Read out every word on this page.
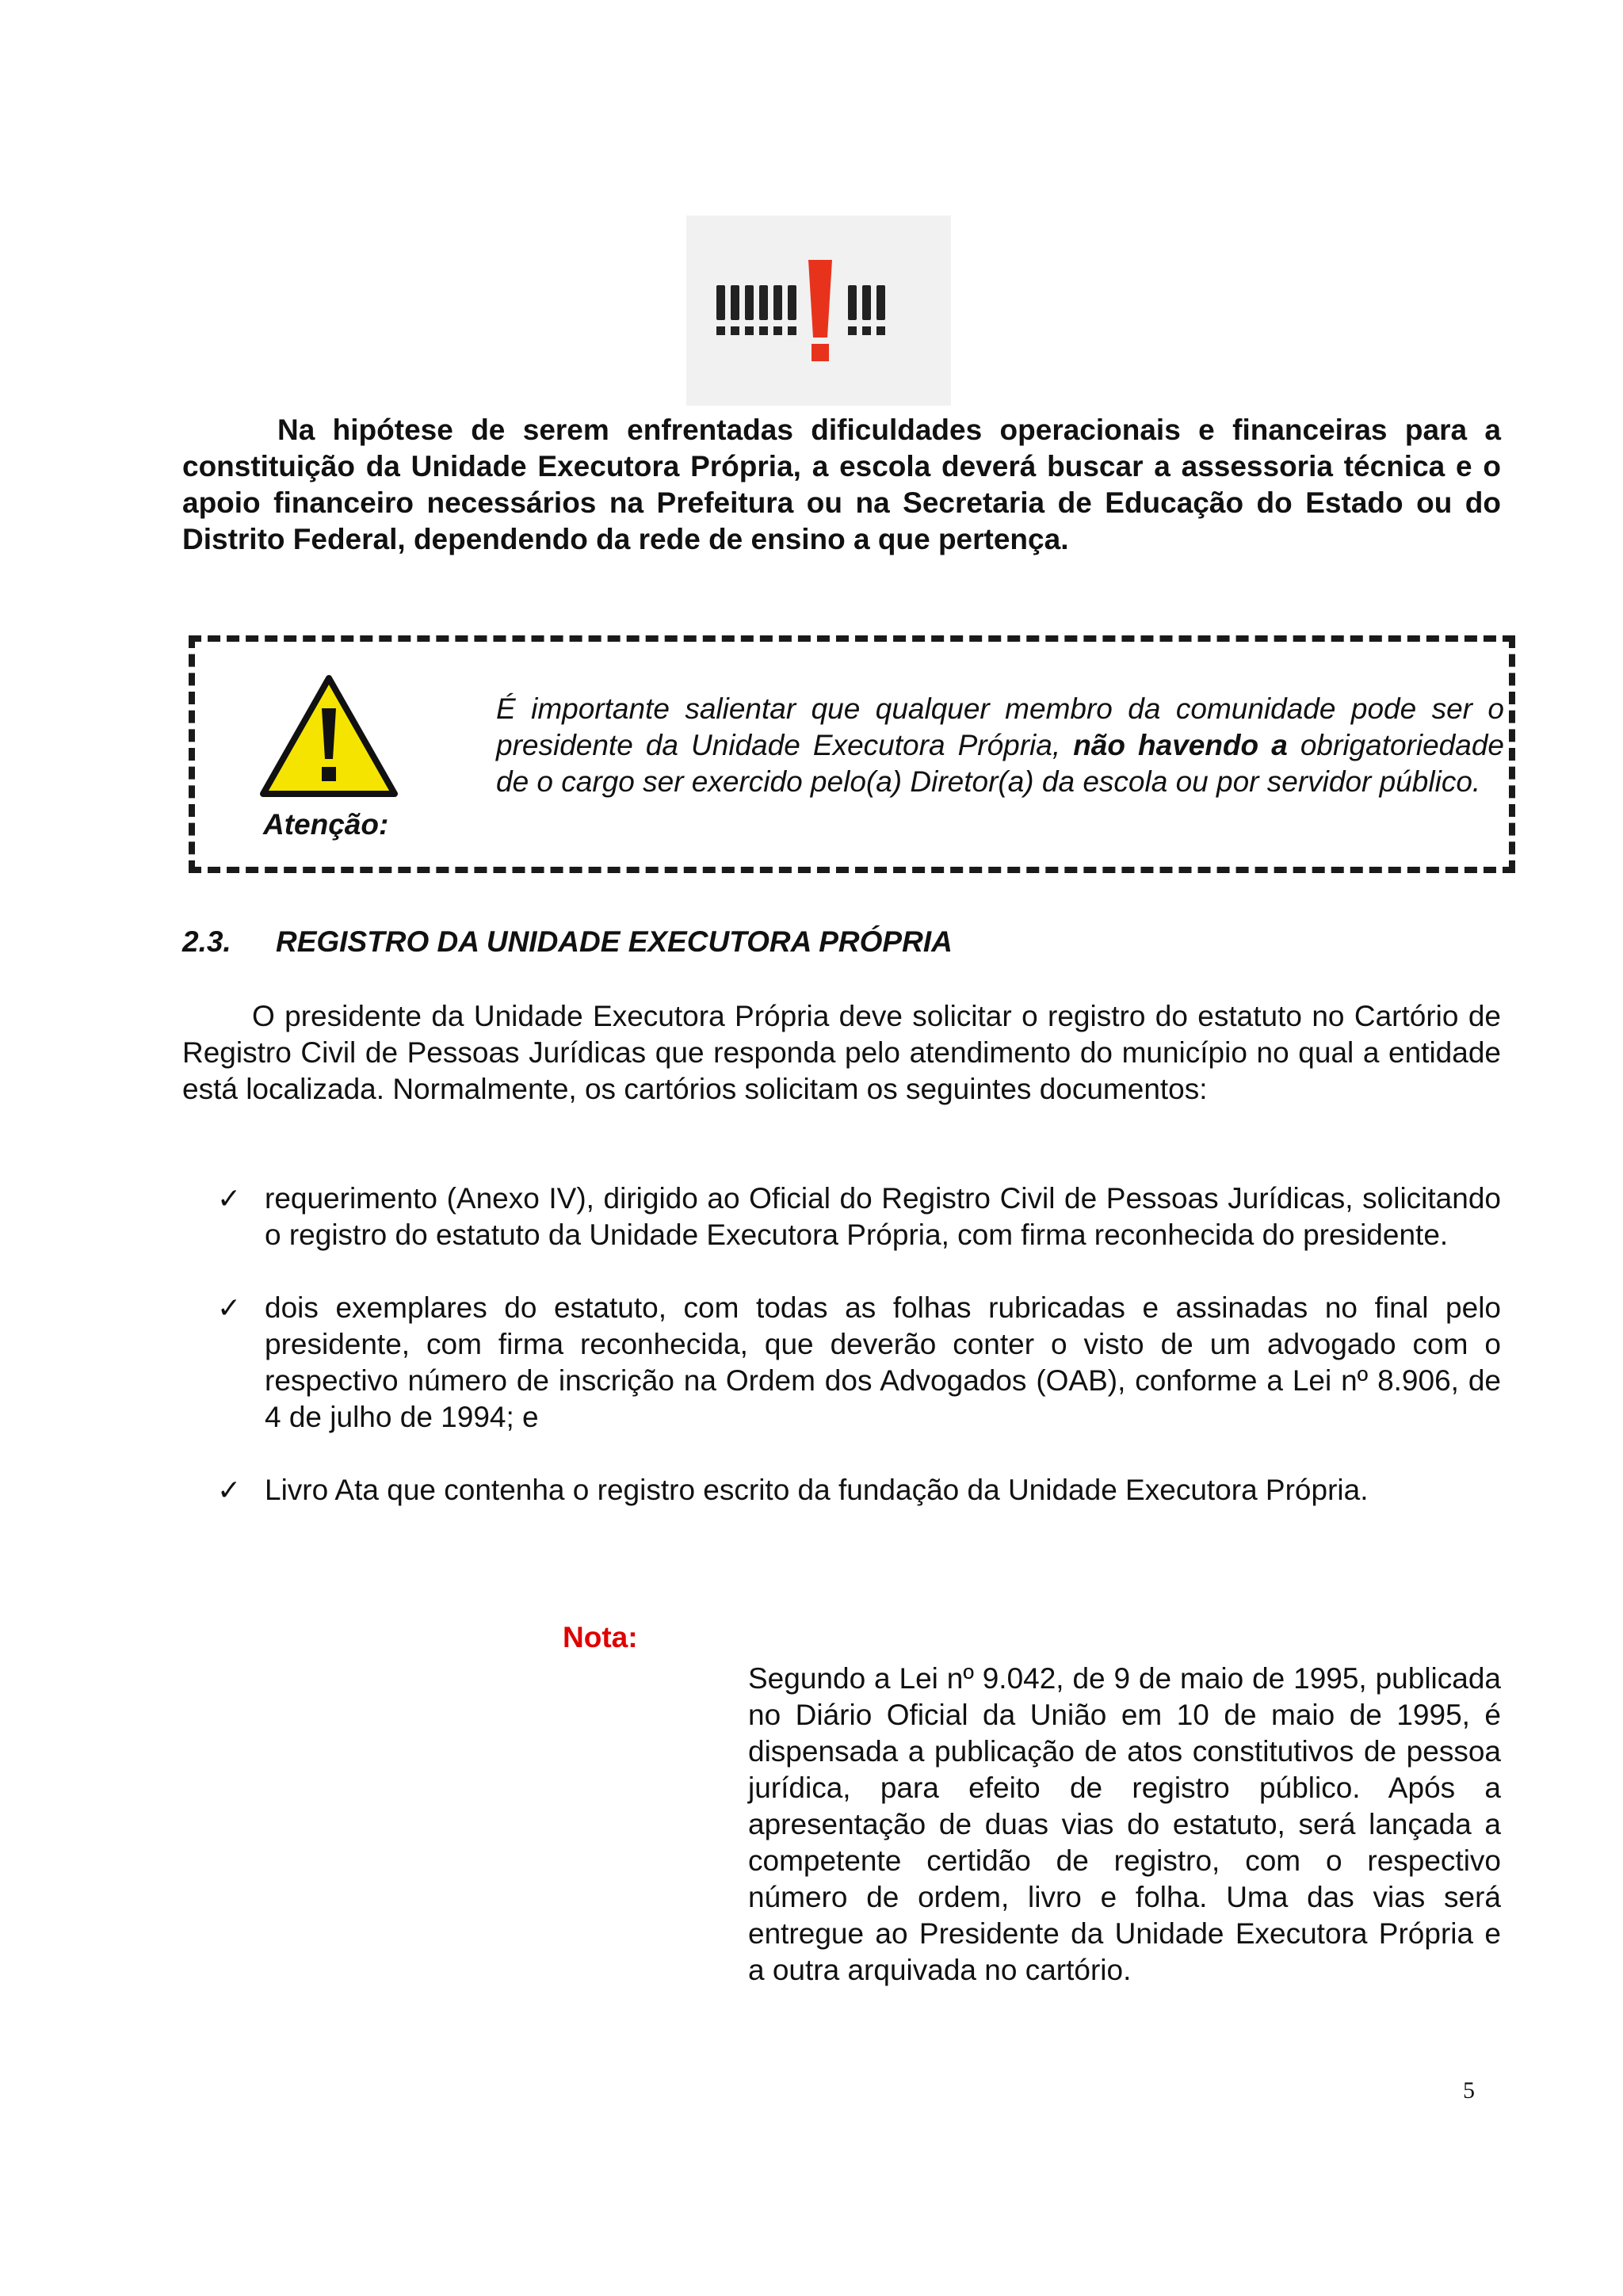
Na hipótese de serem enfrentadas dificuldades operacionais e financeiras para a constituição da Unidade Executora Própria, a escola deverá buscar a assessoria técnica e o apoio financeiro necessários na Prefeitura ou na Secretaria de Educação do Estado ou do Distrito Federal, dependendo da rede de ensino a que pertença.

Atenção:

É importante salientar que qualquer membro da comunidade pode ser o presidente da Unidade Executora Própria, não havendo a obrigatoriedade de o cargo ser exercido pelo(a) Diretor(a) da escola ou por servidor público.

2.3. REGISTRO DA UNIDADE EXECUTORA PRÓPRIA

O presidente da Unidade Executora Própria deve solicitar o registro do estatuto no Cartório de Registro Civil de Pessoas Jurídicas que responda pelo atendimento do município no qual a entidade está localizada. Normalmente, os cartórios solicitam os seguintes documentos:

✓ requerimento (Anexo IV), dirigido ao Oficial do Registro Civil de Pessoas Jurídicas, solicitando o registro do estatuto da Unidade Executora Própria, com firma reconhecida do presidente.
✓ dois exemplares do estatuto, com todas as folhas rubricadas e assinadas no final pelo presidente, com firma reconhecida, que deverão conter o visto de um advogado com o respectivo número de inscrição na Ordem dos Advogados (OAB), conforme a Lei nº 8.906, de 4 de julho de 1994; e
✓ Livro Ata que contenha o registro escrito da fundação da Unidade Executora Própria.
Nota:

Segundo a Lei nº 9.042, de 9 de maio de 1995, publicada no Diário Oficial da União em 10 de maio de 1995, é dispensada a publicação de atos constitutivos de pessoa jurídica, para efeito de registro público. Após a apresentação de duas vias do estatuto, será lançada a competente certidão de registro, com o respectivo número de ordem, livro e folha. Uma das vias será entregue ao Presidente da Unidade Executora Própria e a outra arquivada no cartório.

5
